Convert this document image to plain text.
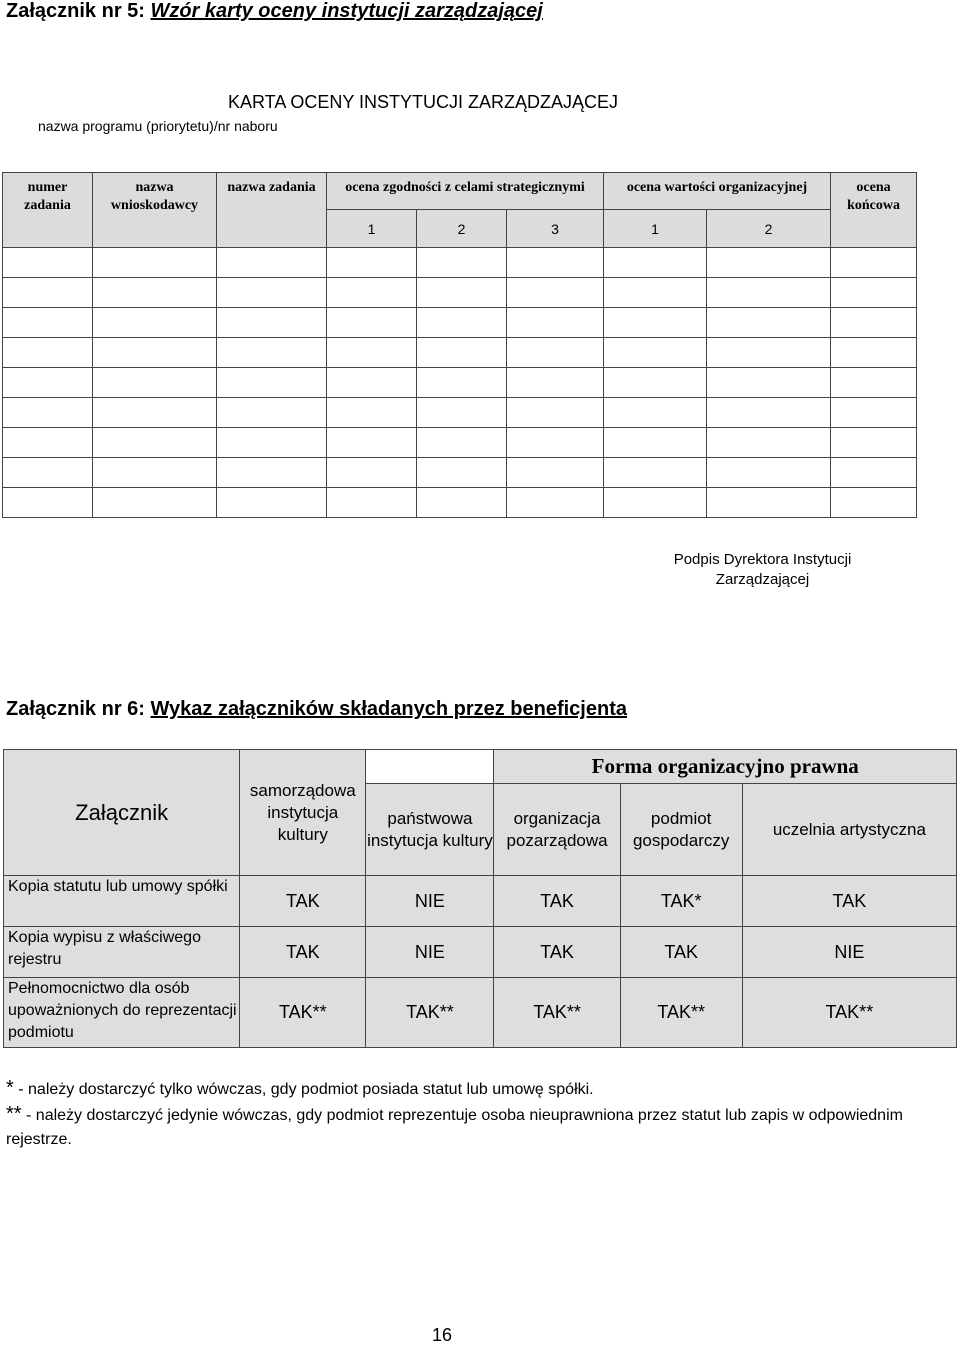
Załącznik nr 5: Wzór karty oceny instytucji zarządzającej
KARTA OCENY INSTYTUCJI ZARZĄDZAJĄCEJ
nazwa programu (priorytetu)/nr naboru
numer zadania	nazwa wnioskodawcy	nazwa zadania	ocena zgodności z celami strategicznymi			ocena wartości organizacyjnej		ocena końcowa
			1	2	3	1	2	

Podpis Dyrektora Instytucji Zarządzającej
Załącznik nr 6: Wykaz załączników składanych przez beneficjenta
Załącznik	samorządowa instytucja kultury		Forma organizacyjno prawna		
		państwowa instytucja kultury	organizacja pozarządowa	podmiot gospodarczy	uczelnia artystyczna
Kopia statutu lub umowy spółki	TAK	NIE	TAK	TAK*	TAK
Kopia wypisu z właściwego rejestru	TAK	NIE	TAK	TAK	NIE
Pełnomocnictwo dla osób upoważnionych do reprezentacji podmiotu	TAK**	TAK**	TAK**	TAK**	TAK**
* - należy dostarczyć tylko wówczas, gdy podmiot posiada statut lub umowę spółki.
** - należy dostarczyć jedynie wówczas, gdy podmiot reprezentuje osoba nieuprawniona przez statut lub zapis w odpowiednim rejestrze.
16
